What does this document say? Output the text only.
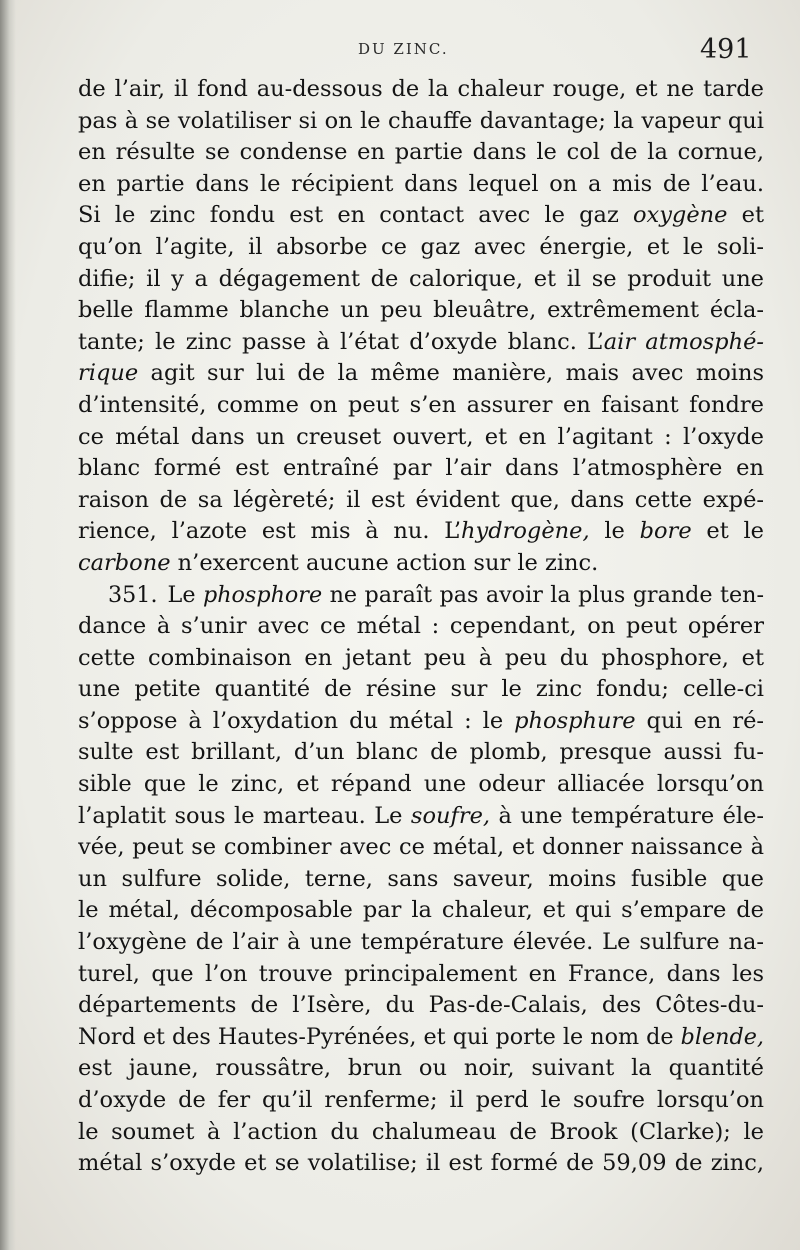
DU ZINC.	491
de l’air, il fond au-dessous de la chaleur rouge, et ne tarde
pas à se volatiliser si on le chauffe davantage; la vapeur qui
en résulte se condense en partie dans le col de la cornue,
en partie dans le récipient dans lequel on a mis de l’eau.
Si le zinc fondu est en contact avec le gaz oxygène et
qu’on l’agite, il absorbe ce gaz avec énergie, et le soli-
difie; il y a dégagement de calorique, et il se produit une
belle flamme blanche un peu bleuâtre, extrêmement écla-
tante; le zinc passe à l’état d’oxyde blanc. L’air atmosphé-
rique agit sur lui de la même manière, mais avec moins
d’intensité, comme on peut s’en assurer en faisant fondre
ce métal dans un creuset ouvert, et en l’agitant : l’oxyde
blanc formé est entraîné par l’air dans l’atmosphère en
raison de sa légèreté; il est évident que, dans cette expé-
rience, l’azote est mis à nu. L’hydrogène, le bore et le
carbone n’exercent aucune action sur le zinc.
351. Le phosphore ne paraît pas avoir la plus grande ten-
dance à s’unir avec ce métal : cependant, on peut opérer
cette combinaison en jetant peu à peu du phosphore, et
une petite quantité de résine sur le zinc fondu; celle-ci
s’oppose à l’oxydation du métal : le phosphure qui en ré-
sulte est brillant, d’un blanc de plomb, presque aussi fu-
sible que le zinc, et répand une odeur alliacée lorsqu’on
l’aplatit sous le marteau. Le soufre, à une température éle-
vée, peut se combiner avec ce métal, et donner naissance à
un sulfure solide, terne, sans saveur, moins fusible que
le métal, décomposable par la chaleur, et qui s’empare de
l’oxygène de l’air à une température élevée. Le sulfure na-
turel, que l’on trouve principalement en France, dans les
départements de l’Isère, du Pas-de-Calais, des Côtes-du-
Nord et des Hautes-Pyrénées, et qui porte le nom de blende,
est jaune, roussâtre, brun ou noir, suivant la quantité
d’oxyde de fer qu’il renferme; il perd le soufre lorsqu’on
le soumet à l’action du chalumeau de Brook (Clarke); le
métal s’oxyde et se volatilise; il est formé de 59,09 de zinc,
